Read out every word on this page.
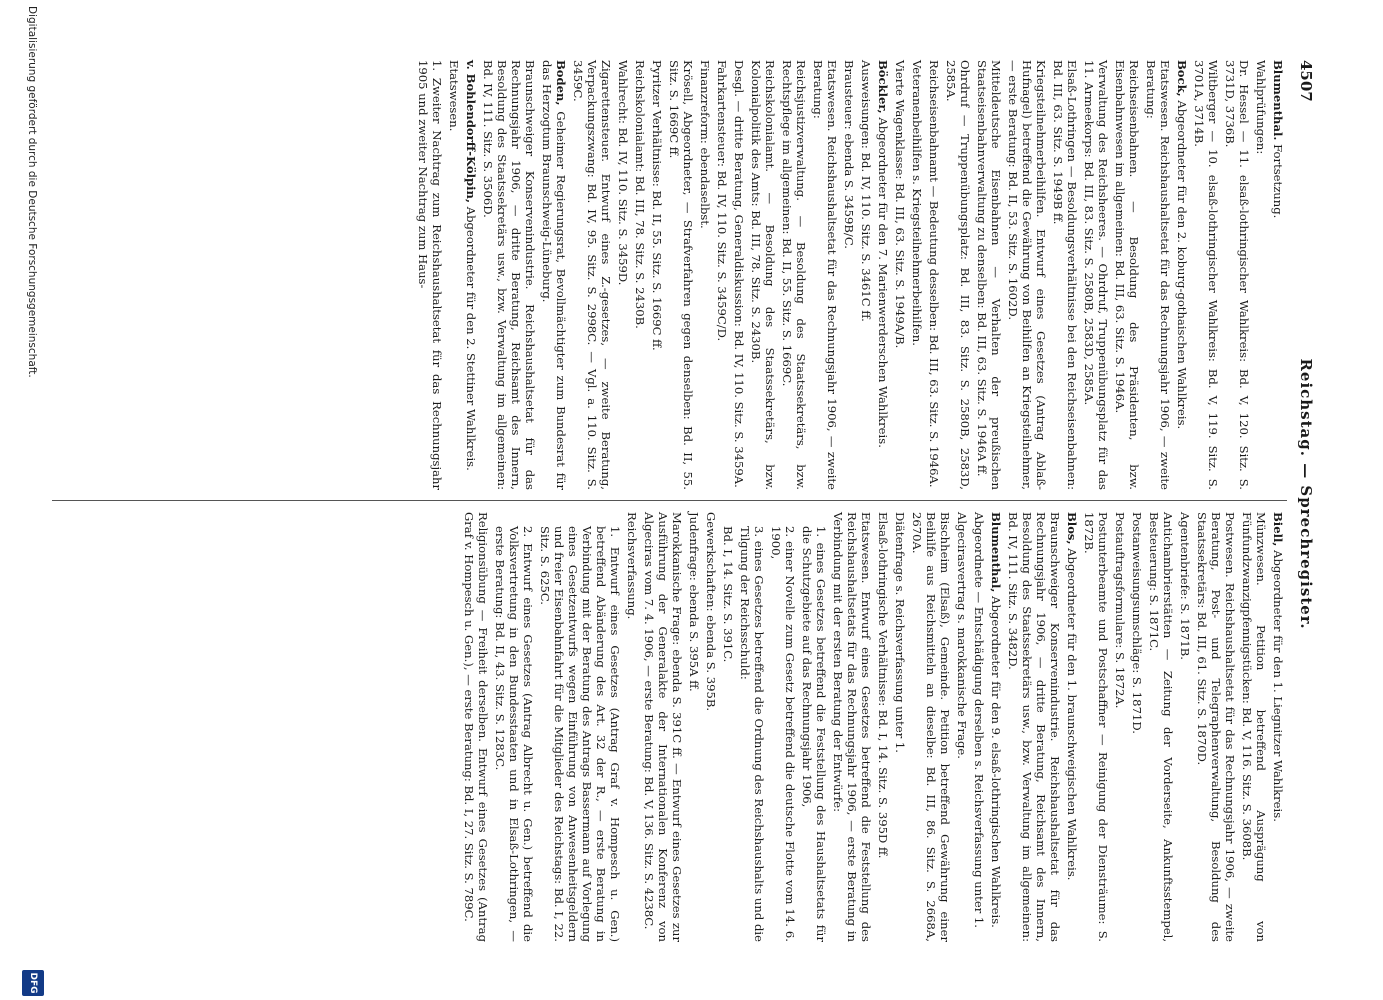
4507
Reichstag. — Sprechregister.
Blumenthal. Fortsetzung.
Wahlprüfungen:
Dr. Hessel — 11. elsaß-lothringischer Wahlkreis: Bd. V, 120. Sitz. S. 3731D, 3736B.
Wiltberger — 10. elsaß-lothringischer Wahlkreis: Bd. V, 119. Sitz. S. 3701A, 3714B.
Bock, Abgeordneter für den 2. koburg-gothaischen Wahlkreis.
Etatswesen. Reichshaushaltsetat für das Rechnungsjahr 1906, — zweite Beratung:
Reichseisenbahnen. — Besoldung des Präsidenten, bzw. Eisenbahnwesen im allgemeinen: Bd. III, 63. Sitz. S. 1946A.
Verwaltung des Reichsheeres. — Ohrdruf, Truppenübungsplatz für das 11. Armeekorps: Bd. III, 83. Sitz. S. 2580B, 2583D, 2585A.
Elsaß-Lothringen — Besoldungsverhältnisse bei den Reichseisenbahnen: Bd. III, 63. Sitz. S. 1949B ff.
Kriegsteilnehmerbeihilfen. Entwurf eines Gesetzes (Antrag Ablaß-Hufnagel) betreffend die Gewährung von Beihilfen an Kriegsteilnehmer, — erste Beratung: Bd. II, 53. Sitz. S. 1602D.
Mitteldeutsche Eisenbahnen — Verhalten der preußischen Staatseisenbahnverwaltung zu denselben: Bd. III, 63. Sitz. S. 1946A ff.
Ohrdruf — Truppenübungsplatz: Bd. III, 83. Sitz. S. 2580B, 2583D, 2585A.
Reichseisenbahnamt — Bedeutung desselben: Bd. III, 63. Sitz. S. 1946A.
Veteranenbeihilfen s. Kriegsteilnehmerbeihilfen.
Vierte Wagenklasse: Bd. III, 63. Sitz. S. 1949A/B.
Böckler, Abgeordneter für den 7. Marienwerderschen Wahlkreis.
Ausweisungen: Bd. IV, 110. Sitz. S. 3461C ff.
Brausteuer: ebenda S. 3459B/C.
Etatswesen. Reichshaushaltsetat für das Rechnungsjahr 1906, — zweite Beratung:
Reichsjustizverwaltung. — Besoldung des Staatssekretärs, bzw. Rechtspflege im allgemeinen: Bd. II, 55. Sitz. S. 1669C.
Reichskolonialamt. — Besoldung des Staatssekretärs, bzw. Kolonialpolitik des Amts: Bd. III, 78. Sitz. S. 2430B.
Desgl. — dritte Beratung, Generaldiskussion: Bd. IV, 110. Sitz. S. 3459A.
Fahrkartensteuer: Bd. IV, 110. Sitz. S. 3459C/D.
Finanzreform: ebendaselbst.
Krösell, Abgeordneter, — Strafverfahren gegen denselben: Bd. II, 55. Sitz. S. 1669C ff.
Pyritzer Verhältnisse: Bd. II, 55. Sitz. S. 1669C ff.
Reichskolonialamt: Bd. III, 78. Sitz. S. 2430B.
Wahlrecht: Bd. IV, 110. Sitz. S. 3459D.
Zigarettensteuer. Entwurf eines Z.-gesetzes, — zweite Beratung, Verpackungszwang: Bd. IV, 95. Sitz. S. 2998C. — Vgl. a. 110. Sitz. S. 3459C.
Boden, Geheimer Regierungsrat, Bevollmächtigter zum Bundesrat für das Herzogtum Braunschweig-Lüneburg.
Braunschweiger Konservenindustrie. Reichshaushaltsetat für das Rechnungsjahr 1906, — dritte Beratung, Reichsamt des Innern, Besoldung des Staatssekretärs usw., bzw. Verwaltung im allgemeinen: Bd. IV, 111. Sitz. S. 3506D.
v. Bohlendorff-Kölpin, Abgeordneter für den 2. Stettiner Wahlkreis.
Etatswesen.
1. Zweiter Nachtrag zum Reichshaushaltsetat für das Rechnungsjahr 1905 und zweiter Nachtrag zum Haus-
Biell, Abgeordneter für den 1. Liegnitzer Wahlkreis.
Münzwesen. Petition betreffend Ausprägung von Fünfundzwanzigpfennigstücken: Bd. V, 116. Sitz. S. 3608B.
Postwesen. Reichshaushaltsetat für das Rechnungsjahr 1906, — zweite Beratung, Post- und Telegraphenverwaltung, Besoldung des Staatssekretärs: Bd. III, 61. Sitz. S. 1870D.
Agentenbriefe: S. 1871B.
Antichambrierstätten — Zeitung der Vorderseite, Ankunftsstempel, Besteuerung: S. 1871C.
Postanweisungsumschläge: S. 1871D.
Postauftragsformulare: S. 1872A.
Postunterbeamte und Postschaffner — Reinigung der Diensträume: S. 1872B.
Blos, Abgeordneter für den 1. braunschweigischen Wahlkreis.
Braunschweiger Konservenindustrie. Reichshaushaltsetat für das Rechnungsjahr 1906, — dritte Beratung, Reichsamt des Innern, Besoldung des Staatssekretärs usw., bzw. Verwaltung im allgemeinen: Bd. IV, 111. Sitz. S. 3482D.
Blumenthal, Abgeordneter für den 9. elsaß-lothringischen Wahlkreis.
Abgeordnete — Entschädigung derselben s. Reichsverfassung unter 1.
Algecirasvertrag s. marokkanische Frage.
Bischheim (Elsaß), Gemeinde. Petition betreffend Gewährung einer Beihilfe aus Reichsmitteln an dieselbe: Bd. III, 86. Sitz. S. 2668A, 2670A.
Diätenfrage s. Reichsverfassung unter 1.
Elsaß-lothringische Verhältnisse: Bd. I, 14. Sitz. S. 395D ff.
Etatswesen. Entwurf eines Gesetzes betreffend die Feststellung des Reichshaushaltsetats für das Rechnungsjahr 1906, — erste Beratung in Verbindung mit der ersten Beratung der Entwürfe:
1. eines Gesetzes betreffend die Feststellung des Haushaltsetats für die Schutzgebiete auf das Rechnungsjahr 1906,
2. einer Novelle zum Gesetz betreffend die deutsche Flotte vom 14. 6. 1900,
3. eines Gesetzes betreffend die Ordnung des Reichshaushalts und die Tilgung der Reichsschuld:
Bd. I, 14. Sitz. S. 391C.
Gewerkschaften: ebenda S. 395B.
Judenfrage: ebenda S. 395A ff.
Marokkanische Frage: ebenda S. 391C ff. — Entwurf eines Gesetzes zur Ausführung der Generalakte der Internationalen Konferenz von Algeciras vom 7. 4. 1906, — erste Beratung: Bd. V, 136. Sitz. S. 4238C.
Reichsverfassung.
1. Entwurf eines Gesetzes (Antrag Graf v. Hompesch u. Gen.) betreffend Abänderung des Art. 32 der R., — erste Beratung in Verbindung mit der Beratung des Antrags Bassermann auf Vorlegung eines Gesetzentwurfs wegen Einführung von Anwesenheitsgeldern und freier Eisenbahnfahrt für die Mitglieder des Reichstags: Bd. I, 22. Sitz. S. 625C.
2. Entwurf eines Gesetzes (Antrag Albrecht u. Gen.) betreffend die Volksvertretung in den Bundesstaaten und in Elsaß-Lothringen, — erste Beratung: Bd. II, 43. Sitz. S. 1283C.
Religionsübung — Freiheit derselben. Entwurf eines Gesetzes (Antrag Graf v. Hompesch u. Gen.), — erste Beratung: Bd. I, 27. Sitz. S. 789C.
Digitalisierung gefördert durch die Deutsche Forschungsgemeinschaft.
DFG
